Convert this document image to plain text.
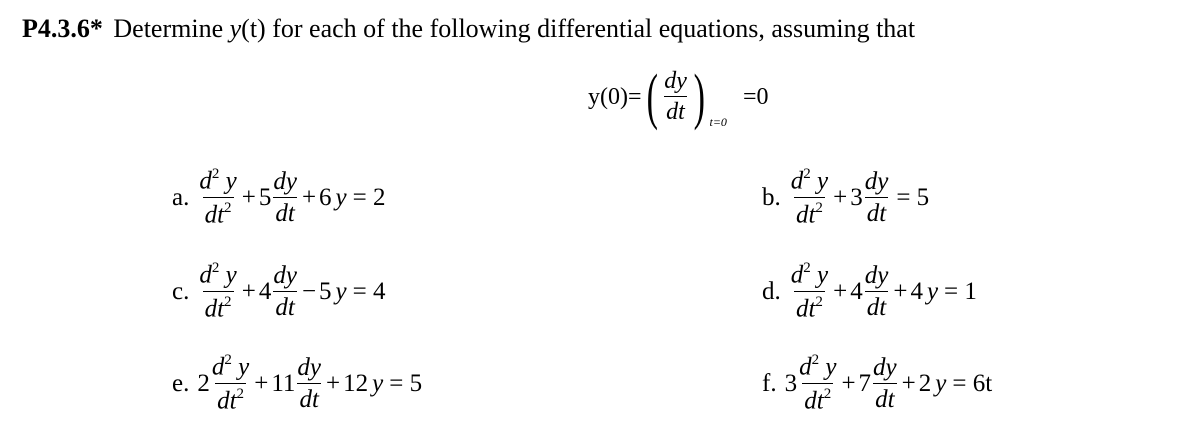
P4.3.6* Determine y(t) for each of the following differential equations, assuming that
y(0)= ( $\frac{dy}{dt}$ ) t=0
=0
a. $\frac{d^2 y}{dt^2} + 5 \frac{dy}{dt} + 6$ y = 2	b. $\frac{d^2 y}{dt^2} + 3 \frac{dy}{dt} = 5$
c. $\frac{d^2 y}{dt^2} + 4 \frac{dy}{dt} - 5$ y = 4	d. $\frac{d^2 y}{dt^2} + 4 \frac{dy}{dt} + 4$ y = 1
e. $2 \frac{d^2 y}{dt^2} + 11 \frac{dy}{dt} + 12$ y = 5	f. $3 \frac{d^2 y}{dt^2} + 7 \frac{dy}{dt} + 2$ y = 6t
